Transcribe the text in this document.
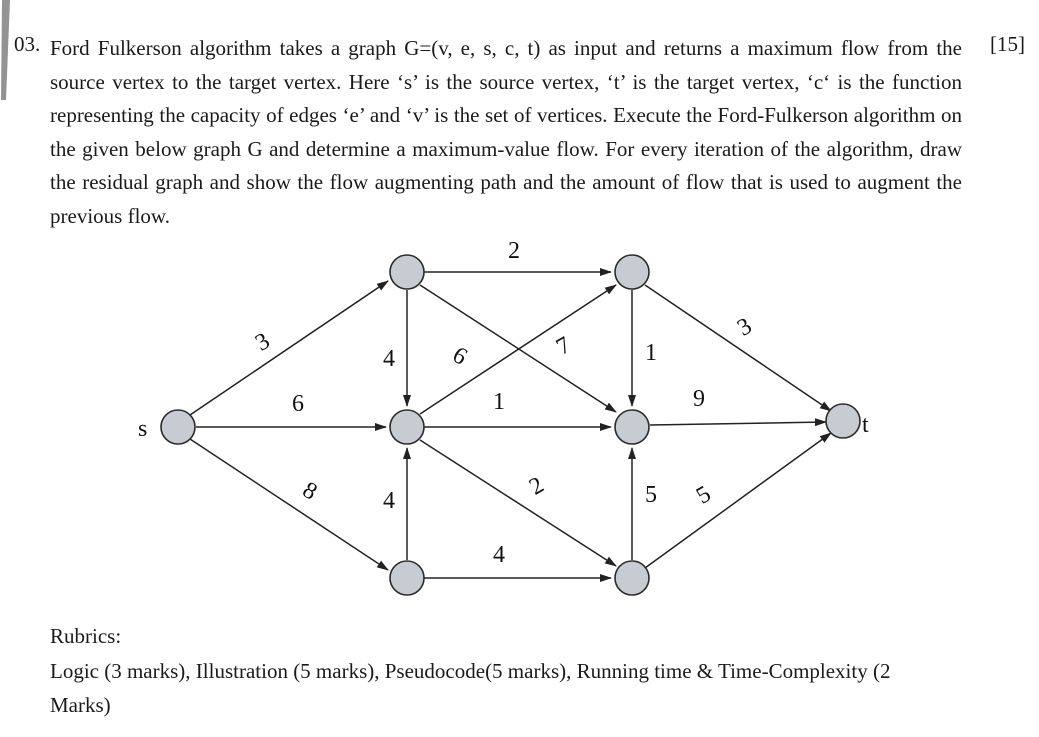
03. Ford Fulkerson algorithm takes a graph G=(v, e, s, c, t) as input and returns a maximum flow from the source vertex to the target vertex. Here ‘s’ is the source vertex, ‘t’ is the target vertex, ‘c‘ is the function representing the capacity of edges ‘e’ and ‘v’ is the set of vertices. Execute the Ford-Fulkerson algorithm on the given below graph G and determine a maximum-value flow. For every iteration of the algorithm, draw the residual graph and show the flow augmenting path and the amount of flow that is used to augment the previous flow.

[15]
s	t
3
6
8
2
4 6	7	1
3
1	9
4
2	5
4
5

Rubrics:

Logic (3 marks), Illustration (5 marks), Pseudocode(5 marks), Running time & Time-Complexity (2 Marks)
